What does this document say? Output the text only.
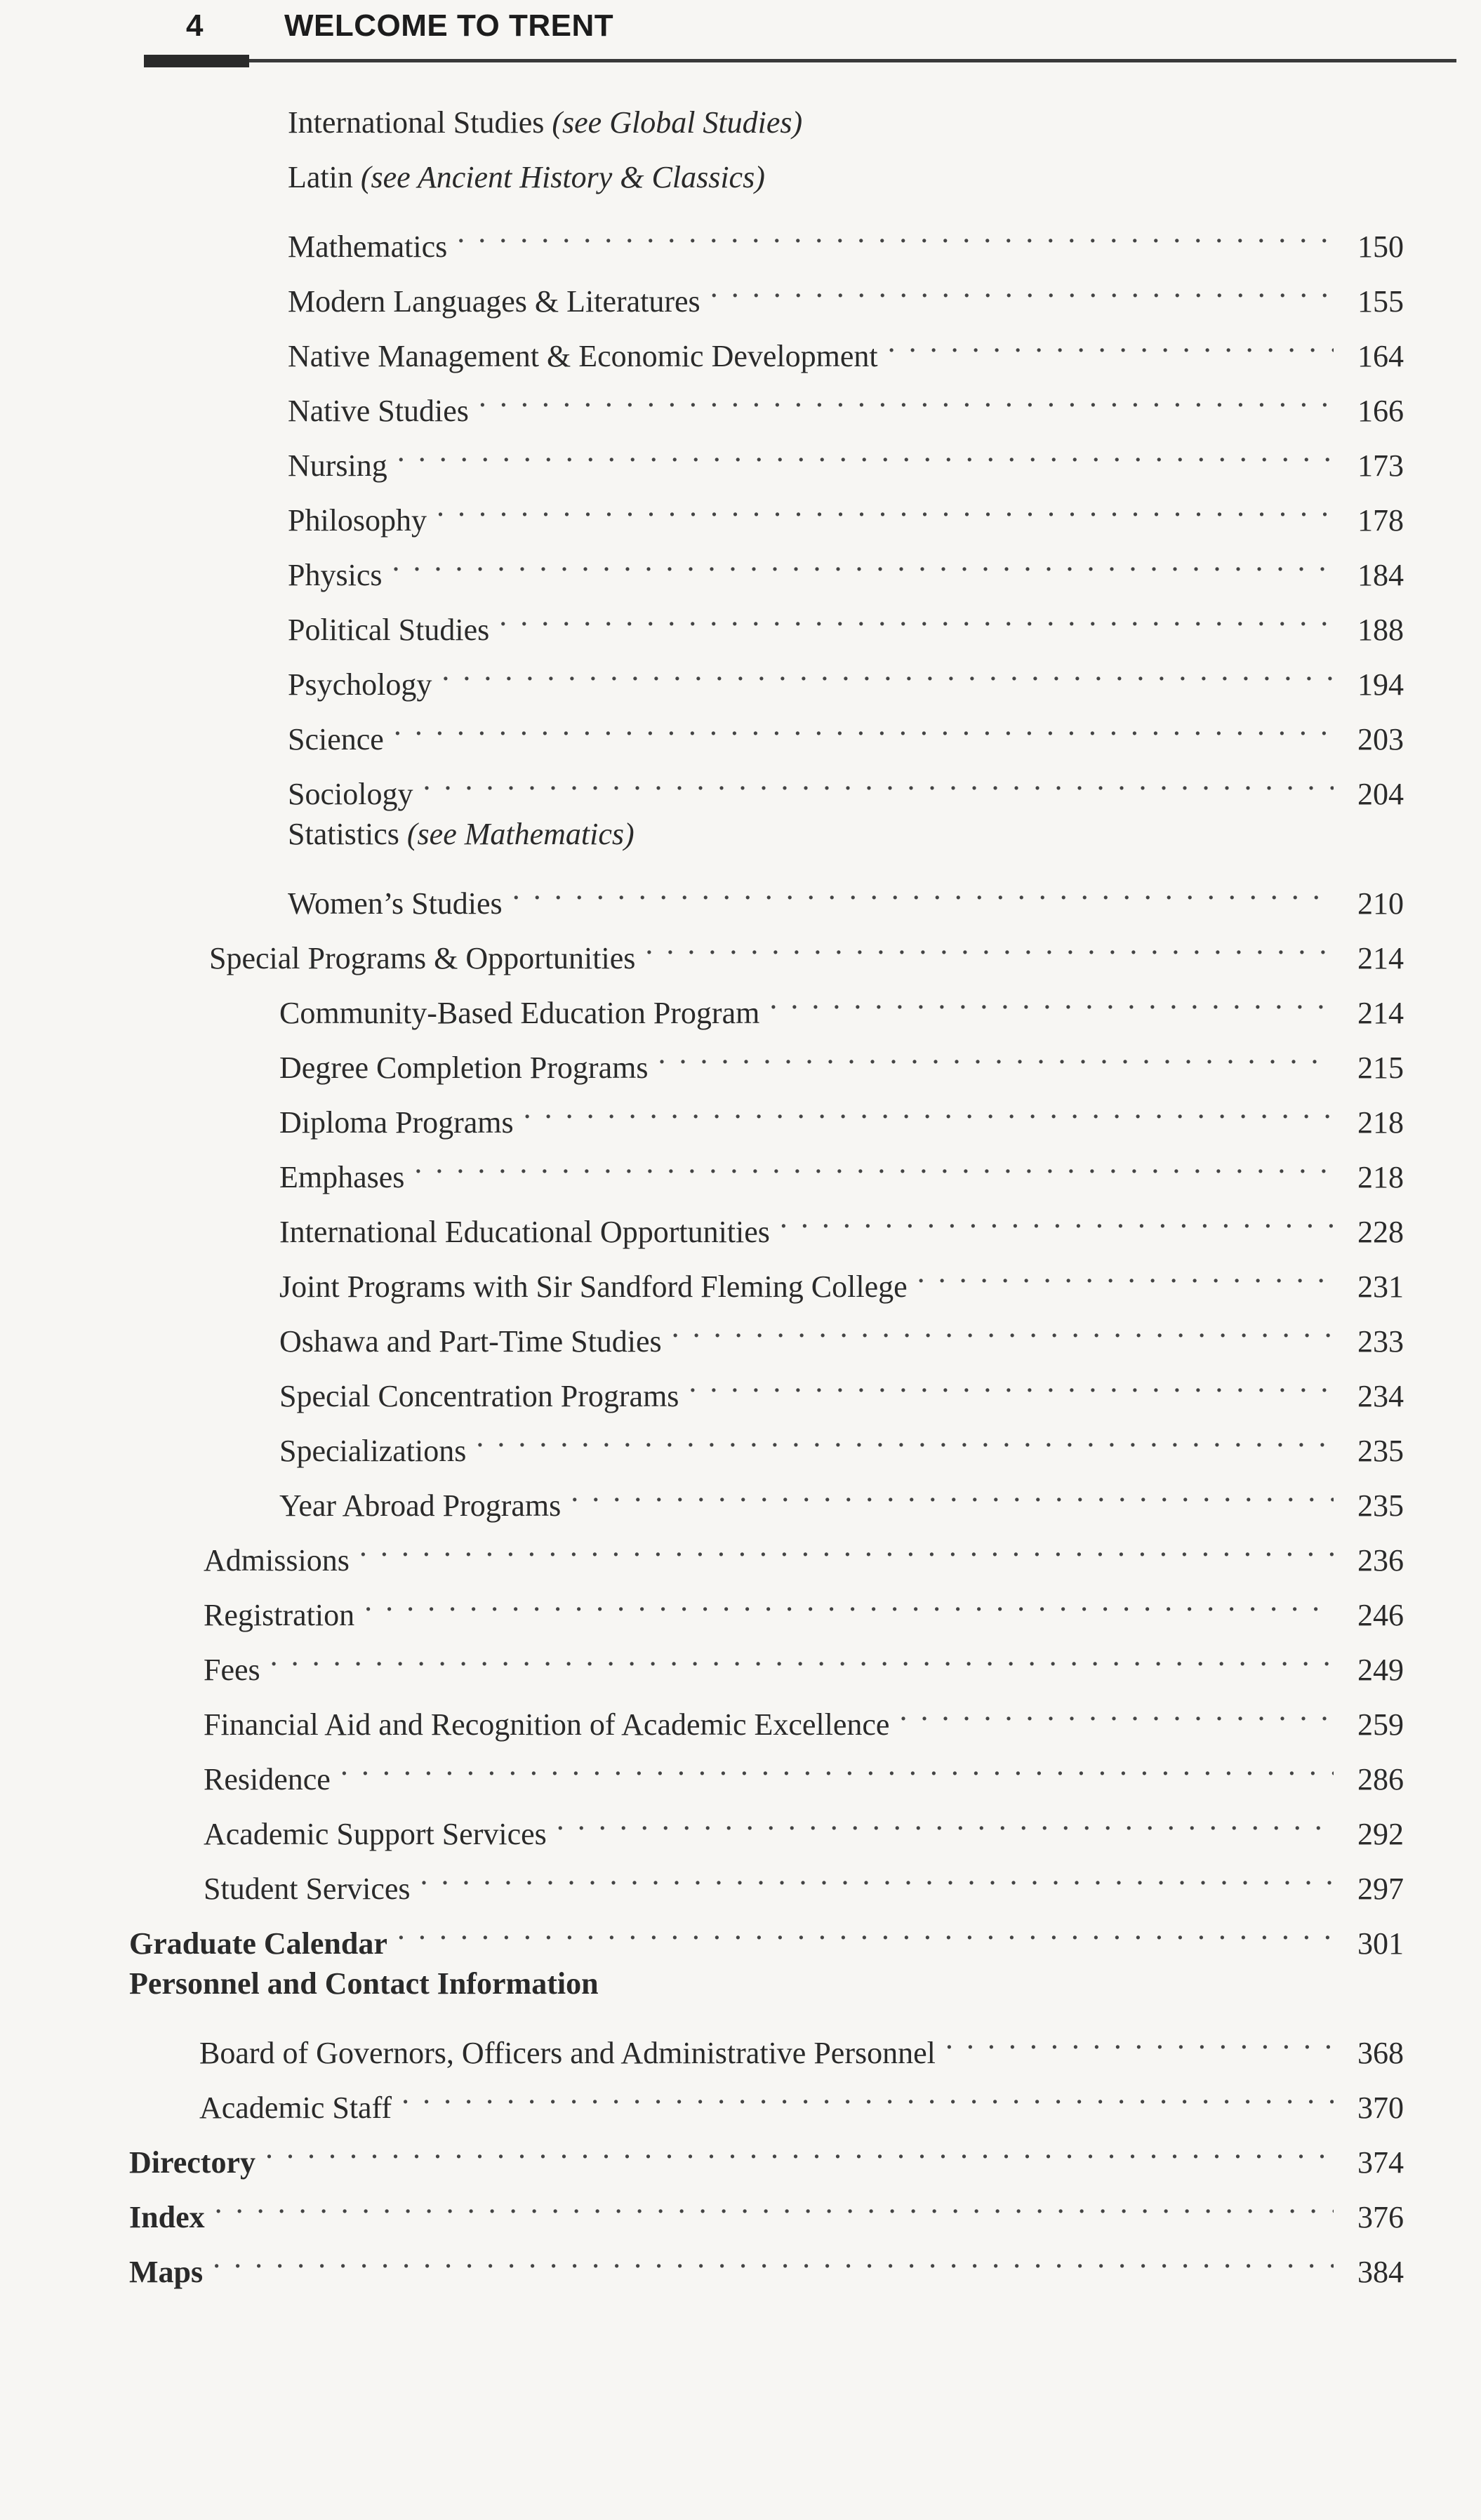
4	WELCOME TO TRENT
International Studies (see Global Studies)
Latin (see Ancient History & Classics)
Mathematics . . .	150
Modern Languages & Literatures . . .	155
Native Management & Economic Development . . .	164
Native Studies . . .	166
Nursing . . .	173
Philosophy . . .	178
Physics . . .	184
Political Studies . . .	188
Psychology . . .	194
Science . . .	203
Sociology . . .	204
Statistics (see Mathematics)
Women’s Studies . . .	210
Special Programs & Opportunities . . .	214
Community-Based Education Program . . .	214
Degree Completion Programs . . .	215
Diploma Programs . . .	218
Emphases . . .	218
International Educational Opportunities . . .	228
Joint Programs with Sir Sandford Fleming College . . .	231
Oshawa and Part-Time Studies . . .	233
Special Concentration Programs . . .	234
Specializations . . .	235
Year Abroad Programs . . .	235
Admissions . . .	236
Registration . . .	246
Fees . . .	249
Financial Aid and Recognition of Academic Excellence . . .	259
Residence . . .	286
Academic Support Services . . .	292
Student Services . . .	297
Graduate Calendar . . .	301
Personnel and Contact Information
Board of Governors, Officers and Administrative Personnel . . .	368
Academic Staff . . .	370
Directory . . .	374
Index . . .	376
Maps . . .	384
